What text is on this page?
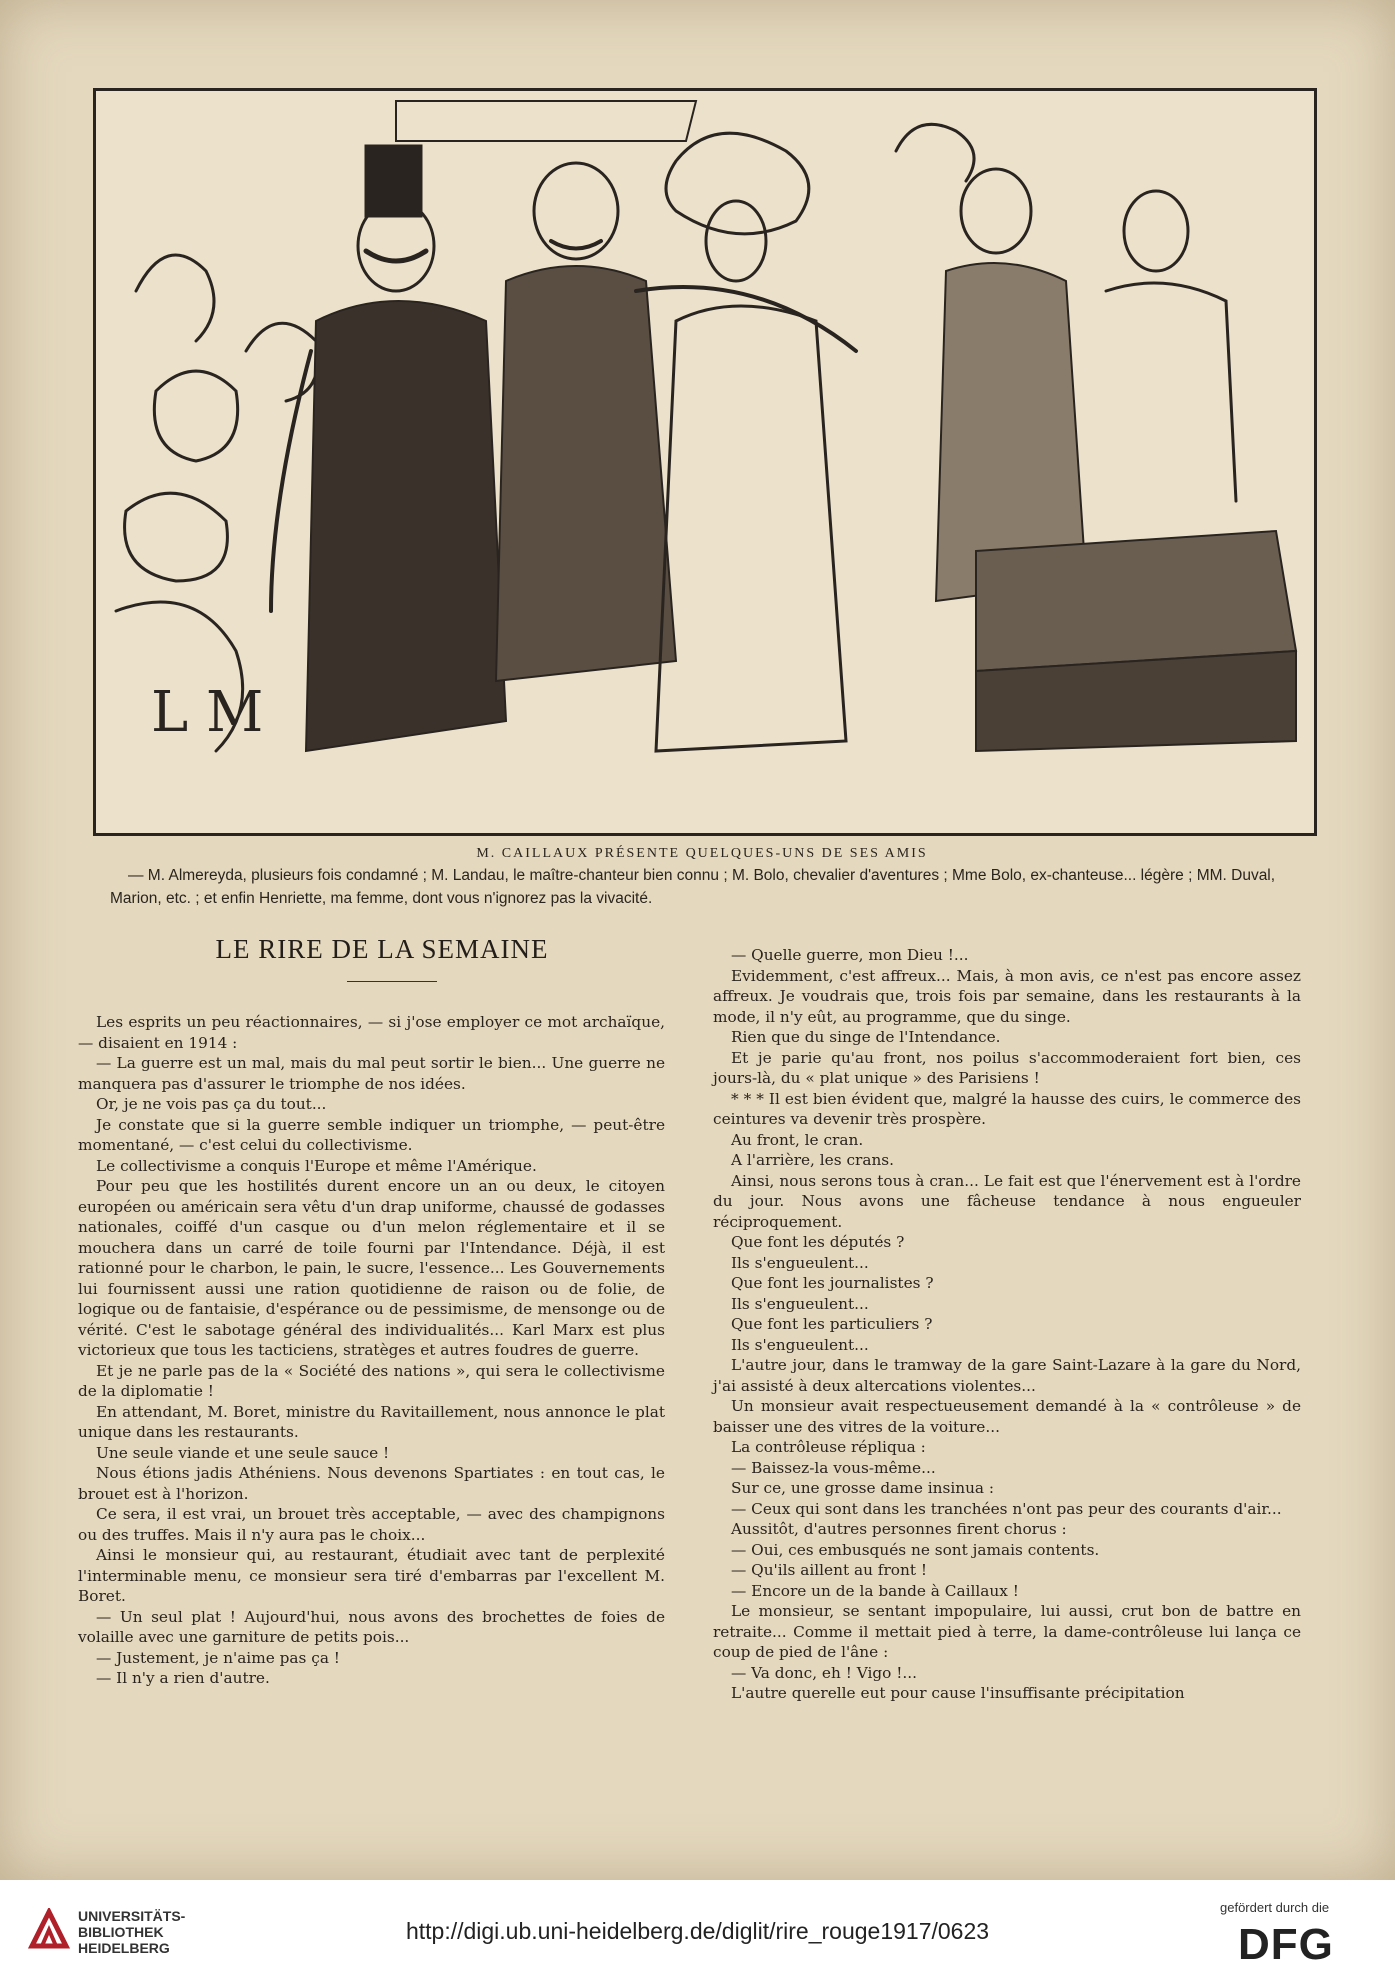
L M
M. CAILLAUX PRÉSENTE QUELQUES-UNS DE SES AMIS
— M. Almereyda, plusieurs fois condamné ; M. Landau, le maître-chanteur bien connu ; M. Bolo, chevalier d'aventures ; Mme Bolo, ex-chanteuse... légère ; MM. Duval, Marion, etc. ; et enfin Henriette, ma femme, dont vous n'ignorez pas la vivacité.
LE RIRE DE LA SEMAINE

Les esprits un peu réactionnaires, — si j'ose employer ce mot archaïque, — disaient en 1914 :

— La guerre est un mal, mais du mal peut sortir le bien... Une guerre ne manquera pas d'assurer le triomphe de nos idées.

Or, je ne vois pas ça du tout...

Je constate que si la guerre semble indiquer un triomphe, — peut-être momentané, — c'est celui du collectivisme.

Le collectivisme a conquis l'Europe et même l'Amérique.

Pour peu que les hostilités durent encore un an ou deux, le citoyen européen ou américain sera vêtu d'un drap uniforme, chaussé de godasses nationales, coiffé d'un casque ou d'un melon réglementaire et il se mouchera dans un carré de toile fourni par l'Intendance. Déjà, il est rationné pour le charbon, le pain, le sucre, l'essence... Les Gouvernements lui fournissent aussi une ration quotidienne de raison ou de folie, de logique ou de fantaisie, d'espérance ou de pessimisme, de mensonge ou de vérité. C'est le sabotage général des individualités... Karl Marx est plus victorieux que tous les tacticiens, stratèges et autres foudres de guerre.

Et je ne parle pas de la « Société des nations », qui sera le collectivisme de la diplomatie !

En attendant, M. Boret, ministre du Ravitaillement, nous annonce le plat unique dans les restaurants.

Une seule viande et une seule sauce !

Nous étions jadis Athéniens. Nous devenons Spartiates : en tout cas, le brouet est à l'horizon.

Ce sera, il est vrai, un brouet très acceptable, — avec des champignons ou des truffes. Mais il n'y aura pas le choix...

Ainsi le monsieur qui, au restaurant, étudiait avec tant de perplexité l'interminable menu, ce monsieur sera tiré d'embarras par l'excellent M. Boret.

— Un seul plat ! Aujourd'hui, nous avons des brochettes de foies de volaille avec une garniture de petits pois...

— Justement, je n'aime pas ça !

— Il n'y a rien d'autre.

— Quelle guerre, mon Dieu !...

Evidemment, c'est affreux... Mais, à mon avis, ce n'est pas encore assez affreux. Je voudrais que, trois fois par semaine, dans les restaurants à la mode, il n'y eût, au programme, que du singe.

Rien que du singe de l'Intendance.

Et je parie qu'au front, nos poilus s'accommoderaient fort bien, ces jours-là, du « plat unique » des Parisiens !

* * * Il est bien évident que, malgré la hausse des cuirs, le commerce des ceintures va devenir très prospère.

Au front, le cran.

A l'arrière, les crans.

Ainsi, nous serons tous à cran... Le fait est que l'énervement est à l'ordre du jour. Nous avons une fâcheuse tendance à nous engueuler réciproquement.

Que font les députés ?

Ils s'engueulent...

Que font les journalistes ?

Ils s'engueulent...

Que font les particuliers ?

Ils s'engueulent...

L'autre jour, dans le tramway de la gare Saint-Lazare à la gare du Nord, j'ai assisté à deux altercations violentes...

Un monsieur avait respectueusement demandé à la « contrôleuse » de baisser une des vitres de la voiture...

La contrôleuse répliqua :

— Baissez-la vous-même...

Sur ce, une grosse dame insinua :

— Ceux qui sont dans les tranchées n'ont pas peur des courants d'air...

Aussitôt, d'autres personnes firent chorus :

— Oui, ces embusqués ne sont jamais contents.

— Qu'ils aillent au front !

— Encore un de la bande à Caillaux !

Le monsieur, se sentant impopulaire, lui aussi, crut bon de battre en retraite... Comme il mettait pied à terre, la dame-contrôleuse lui lança ce coup de pied de l'âne :

— Va donc, eh ! Vigo !...

L'autre querelle eut pour cause l'insuffisante précipitation

UNIVERSITÄTS-
BIBLIOTHEK
HEIDELBERG
http://digi.ub.uni-heidelberg.de/diglit/rire_rouge1917/0623
gefördert durch die
DFG
